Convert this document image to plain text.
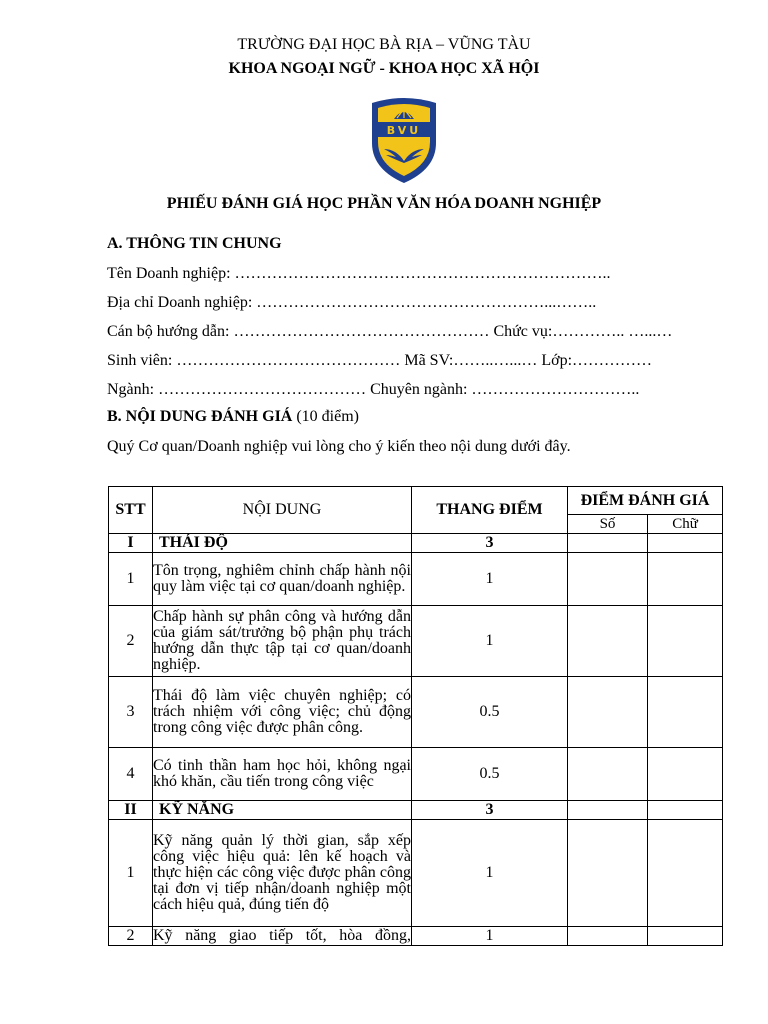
TRƯỜNG ĐẠI HỌC BÀ RỊA – VŨNG TÀU
KHOA NGOẠI NGỮ - KHOA HỌC XÃ HỘI
BVU
PHIẾU ĐÁNH GIÁ HỌC PHẦN VĂN HÓA DOANH NGHIỆP
A. THÔNG TIN CHUNG
Tên Doanh nghiệp: ……………………………………………………………..
Địa chỉ Doanh nghiệp: ………………………………………………...……..
Cán bộ hướng dẫn: ………………………………………… Chức vụ:………….. …...…
Sinh viên: …………………………………… Mã SV:……..…...… Lớp:……………
Ngành: ………………………………… Chuyên ngành: …………………………..
B. NỘI DUNG ĐÁNH GIÁ (10 điểm)
Quý Cơ quan/Doanh nghiệp vui lòng cho ý kiến theo nội dung dưới đây.
STT	NỘI DUNG	THANG ĐIỂM	ĐIỂM ĐÁNH GIÁ	
			Số	Chữ
I	THÁI ĐỘ	3		
1	Tôn trọng, nghiêm chỉnh chấp hành nội quy làm việc tại cơ quan/doanh nghiệp.	1		
2	Chấp hành sự phân công và hướng dẫn của giám sát/trưởng bộ phận phụ trách hướng dẫn thực tập tại cơ quan/doanh nghiệp.	1		
3	Thái độ làm việc chuyên nghiệp; có trách nhiệm với công việc; chủ động trong công việc được phân công.	0.5		
4	Có tinh thần ham học hỏi, không ngại khó khăn, cầu tiến trong công việc	0.5		
II	KỸ NĂNG	3		
1	Kỹ năng quản lý thời gian, sắp xếp công việc hiệu quả: lên kế hoạch và thực hiện các công việc được phân công tại đơn vị tiếp nhận/doanh nghiệp một cách hiệu quả, đúng tiến độ	1		
2	Kỹ năng giao tiếp tốt, hòa đồng,	1		
